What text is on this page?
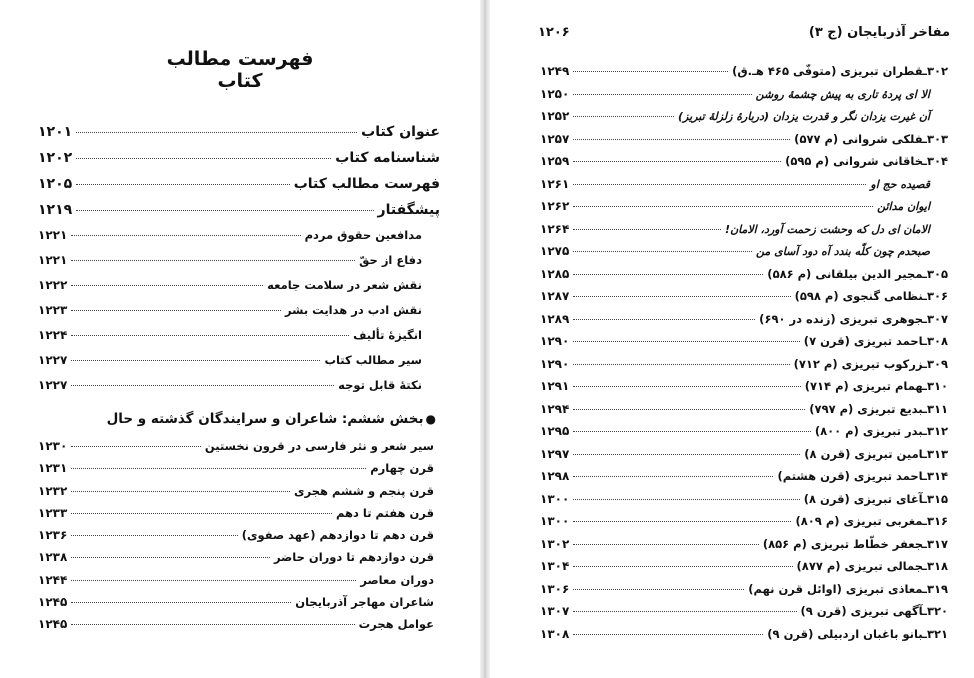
فهرست مطالب کتاب
عنوان کتاب
۱۲۰۱
شناسنامه کتاب
۱۲۰۲
فهرست مطالب کتاب
۱۲۰۵
پیشگفتار
۱۲۱۹
مدافعین حقوق مردم
۱۲۲۱
دفاع از حقّ
۱۲۲۱
نقش شعر در سلامت جامعه
۱۲۲۲
نقش ادب در هدایت بشر
۱۲۲۳
انگیزهٔ تألیف
۱۲۲۴
سیر مطالب کتاب
۱۲۲۷
نکتهٔ قابل توجه
۱۲۲۷
●بخش ششم: شاعران و سرایندگان گذشته و حال
سیر شعر و نثر فارسی در قرون نخستین
۱۲۳۰
قرن چهارم
۱۲۳۱
قرن پنجم و ششم هجری
۱۲۳۲
قرن هفتم تا دهم
۱۲۳۳
قرن دهم تا دوازدهم (عهد صفوی)
۱۲۳۶
قرن دوازدهم تا دوران حاضر
۱۲۳۸
دوران معاصر
۱۲۴۴
شاعران مهاجر آذربایجان
۱۲۴۵
عوامل هجرت
۱۲۴۵
مفاخر آذربایجان (ج ۳)
۱۲۰۶
۳۰۲ـقطران تبریزی (متوفّی ۴۶۵ هـ.ق)
۱۲۴۹
الا ای پردهٔ تاری به پیش چشمهٔ روشن
۱۲۵۰
آن غیرت یزدان نگر و قدرت یزدان (دربارهٔ زلزلهٔ تبریز)
۱۲۵۲
۳۰۳ـفلکی شروانی (م ۵۷۷)
۱۲۵۷
۳۰۴ـخاقانی شروانی (م ۵۹۵)
۱۲۵۹
قصیده حج او
۱۲۶۱
ایوان مدائن
۱۲۶۲
الامان ای دل که وحشت زحمت آورد، الامان!
۱۲۶۴
صبحدم چون کلّه بندد آه دود آسای من
۱۲۷۵
۳۰۵ـمجیر الدین بیلقانی (م ۵۸۶)
۱۲۸۵
۳۰۶ـنظامی گنجوی (م ۵۹۸)
۱۲۸۷
۳۰۷ـجوهری تبریزی (زنده در ۶۹۰)
۱۲۸۹
۳۰۸ـاحمد تبریزی (قرن ۷)
۱۲۹۰
۳۰۹ـزرکوب تبریزی (م ۷۱۲)
۱۲۹۰
۳۱۰ـهمام تبریزی (م ۷۱۴)
۱۲۹۱
۳۱۱ـبدیع تبریزی (م ۷۹۷)
۱۲۹۴
۳۱۲ـبدر تبریزی (م ۸۰۰)
۱۲۹۵
۳۱۳ـامین تبریزی (قرن ۸)
۱۲۹۷
۳۱۴ـاحمد تبریزی (قرن هشتم)
۱۲۹۸
۳۱۵ـآغای تبریزی (قرن ۸)
۱۳۰۰
۳۱۶ـمغربی تبریزی (م ۸۰۹)
۱۳۰۰
۳۱۷ـجعفر خطّاط تبریزی (م ۸۵۶)
۱۳۰۲
۳۱۸ـجمالی تبریزی (م ۸۷۷)
۱۳۰۴
۳۱۹ـمعاذی تبریزی (اوائل قرن نهم)
۱۳۰۶
۳۲۰ـآگهی تبریزی (قرن ۹)
۱۳۰۷
۳۲۱ـبانو باغبان اردبیلی (قرن ۹)
۱۳۰۸
